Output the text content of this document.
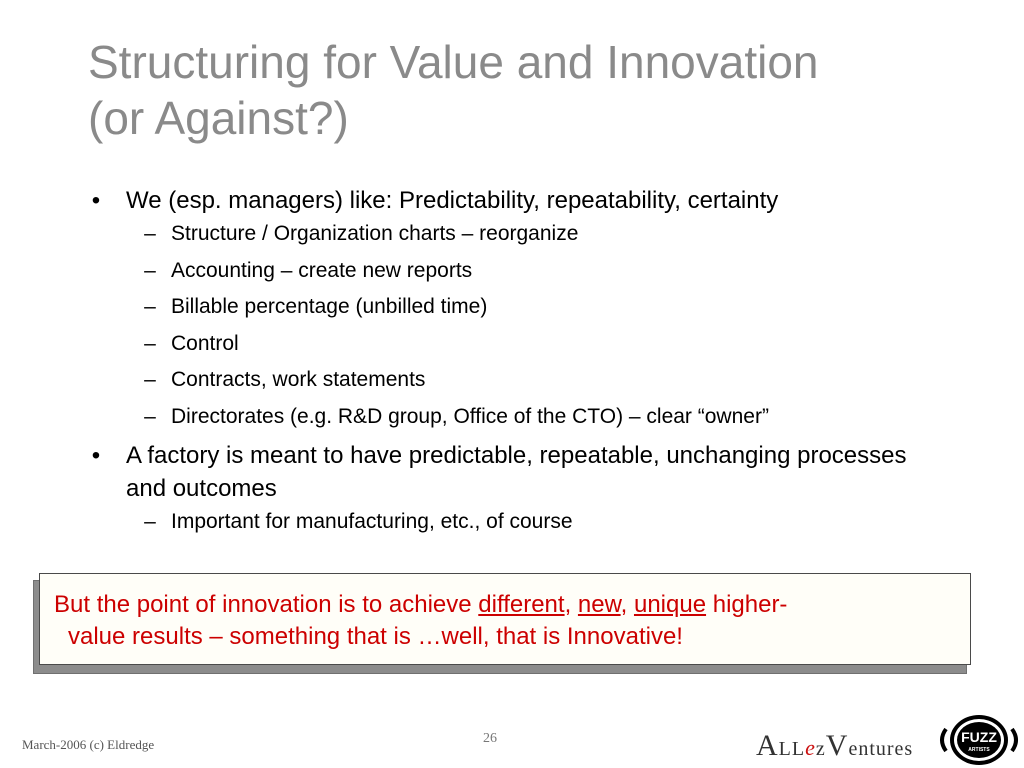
Structuring for Value and Innovation
(or Against?)
• We (esp. managers) like: Predictability, repeatability, certainty
– Structure / Organization charts – reorganize
– Accounting – create new reports
– Billable percentage (unbilled time)
– Control
– Contracts, work statements
– Directorates (e.g. R&D group, Office of the CTO) – clear “owner”
• A factory is meant to have predictable, repeatable, unchanging processes and outcomes
– Important for manufacturing, etc., of course
But the point of innovation is to achieve different, new, unique higher-
value results – something that is …well, that is Innovative!
March-2006 (c) Eldredge	26	ALLezVentures
FUZZ
ARTISTS
